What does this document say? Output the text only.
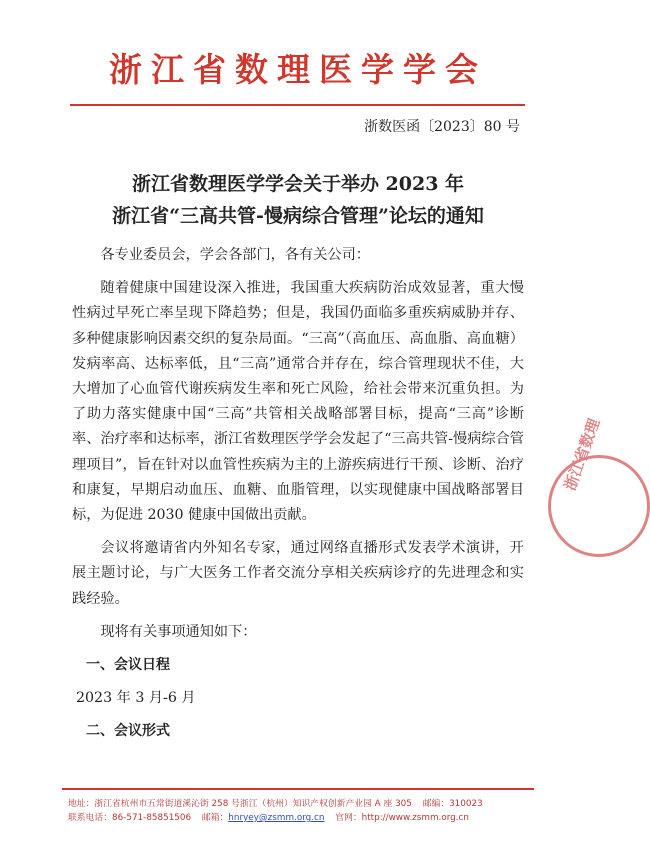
浙江省数理医学学会
浙数医函〔2023〕80 号
浙江省数理医学学会关于举办 2023 年
浙江省“三高共管-慢病综合管理”论坛的通知

各专业委员会，学会各部门，各有关公司：

随着健康中国建设深入推进，我国重大疾病防治成效显著，重大慢性病过早死亡率呈现下降趋势；但是，我国仍面临多重疾病威胁并存、多种健康影响因素交织的复杂局面。“三高”（高血压、高血脂、高血糖）发病率高、达标率低，且“三高”通常合并存在，综合管理现状不佳，大大增加了心血管代谢疾病发生率和死亡风险，给社会带来沉重负担。为了助力落实健康中国“三高”共管相关战略部署目标，提高“三高”诊断率、治疗率和达标率，浙江省数理医学学会发起了“三高共管-慢病综合管理项目”，旨在针对以血管性疾病为主的上游疾病进行干预、诊断、治疗和康复，早期启动血压、血糖、血脂管理，以实现健康中国战略部署目标，为促进 2030 健康中国做出贡献。

会议将邀请省内外知名专家，通过网络直播形式发表学术演讲，开展主题讨论，与广大医务工作者交流分享相关疾病诊疗的先进理念和实践经验。

现将有关事项通知如下：

一、会议日程

2023 年 3 月-6 月

二、会议形式

浙江省数理
地址：浙江省杭州市五常街道溪沁街 258 号浙江（杭州）知识产权创新产业园 A 座 305 邮编：310023
联系电话：86-571-85851506 邮箱：hnryey@zsmm.org.cn 官网：http://www.zsmm.org.cn
